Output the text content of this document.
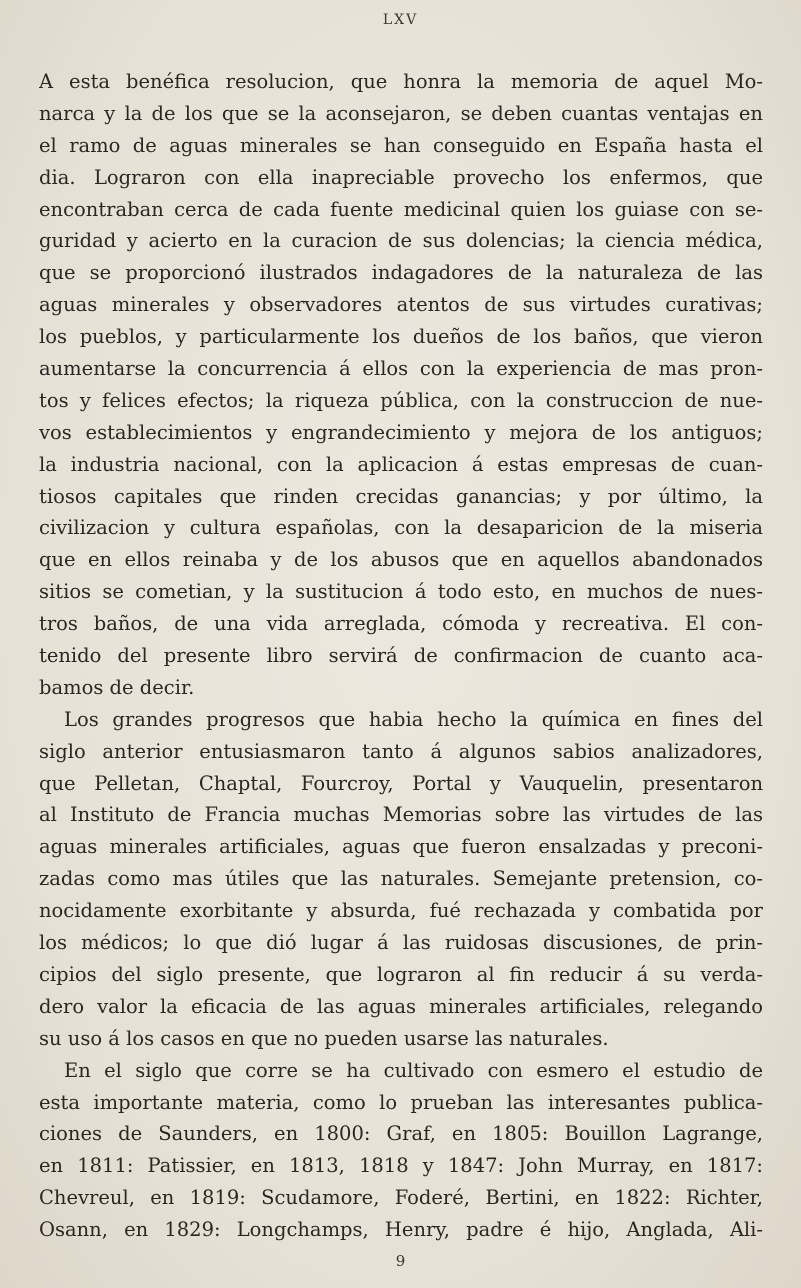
LXV
A esta benéfica resolucion, que honra la memoria de aquel Mo-
narca y la de los que se la aconsejaron, se deben cuantas ventajas en
el ramo de aguas minerales se han conseguido en España hasta el
dia. Lograron con ella inapreciable provecho los enfermos, que
encontraban cerca de cada fuente medicinal quien los guiase con se-
guridad y acierto en la curacion de sus dolencias; la ciencia médica,
que se proporcionó ilustrados indagadores de la naturaleza de las
aguas minerales y observadores atentos de sus virtudes curativas;
los pueblos, y particularmente los dueños de los baños, que vieron
aumentarse la concurrencia á ellos con la experiencia de mas pron-
tos y felices efectos; la riqueza pública, con la construccion de nue-
vos establecimientos y engrandecimiento y mejora de los antiguos;
la industria nacional, con la aplicacion á estas empresas de cuan-
tiosos capitales que rinden crecidas ganancias; y por último, la
civilizacion y cultura españolas, con la desaparicion de la miseria
que en ellos reinaba y de los abusos que en aquellos abandonados
sitios se cometian, y la sustitucion á todo esto, en muchos de nues-
tros baños, de una vida arreglada, cómoda y recreativa. El con-
tenido del presente libro servirá de confirmacion de cuanto aca-
bamos de decir.
Los grandes progresos que habia hecho la química en fines del
siglo anterior entusiasmaron tanto á algunos sabios analizadores,
que Pelletan, Chaptal, Fourcroy, Portal y Vauquelin, presentaron
al Instituto de Francia muchas Memorias sobre las virtudes de las
aguas minerales artificiales, aguas que fueron ensalzadas y preconi-
zadas como mas útiles que las naturales. Semejante pretension, co-
nocidamente exorbitante y absurda, fué rechazada y combatida por
los médicos; lo que dió lugar á las ruidosas discusiones, de prin-
cipios del siglo presente, que lograron al fin reducir á su verda-
dero valor la eficacia de las aguas minerales artificiales, relegando
su uso á los casos en que no pueden usarse las naturales.
En el siglo que corre se ha cultivado con esmero el estudio de
esta importante materia, como lo prueban las interesantes publica-
ciones de Saunders, en 1800: Graf, en 1805: Bouillon Lagrange,
en 1811: Patissier, en 1813, 1818 y 1847: John Murray, en 1817:
Chevreul, en 1819: Scudamore, Foderé, Bertini, en 1822: Richter,
Osann, en 1829: Longchamps, Henry, padre é hijo, Anglada, Ali-
9
